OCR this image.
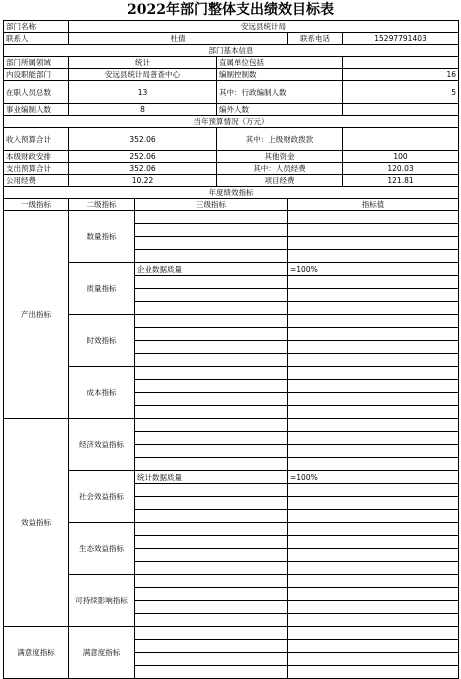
2022年部门整体支出绩效目标表
部门名称	安远县统计局				
联系人	杜倩			联系电话	15297791403
部门基本信息					
部门所属领域	统计		直属单位包括		
内设职能部门	安远县统计局普查中心		编制控制数		16
在职人员总数	13		其中：行政编制人数		5
事业编制人数	8		编外人数		
当年预算情况（万元）					
收入预算合计	352.06		其中：上级财政拨款		
本级财政安排	252.06		其他资金		100
支出预算合计	352.06		其中：人员经费		120.03
公用经费	10.22		项目经费		121.81
年度绩效指标					
一级指标	二级指标	三级指标		指标值	
产出指标	数量指标				

	质量指标	企业数据质量		=100%	

	时效指标				

	成本指标				

效益指标	经济效益指标				

	社会效益指标	统计数据质量		=100%	

	生态效益指标				

	可持续影响指标				

满意度指标	满意度指标				
